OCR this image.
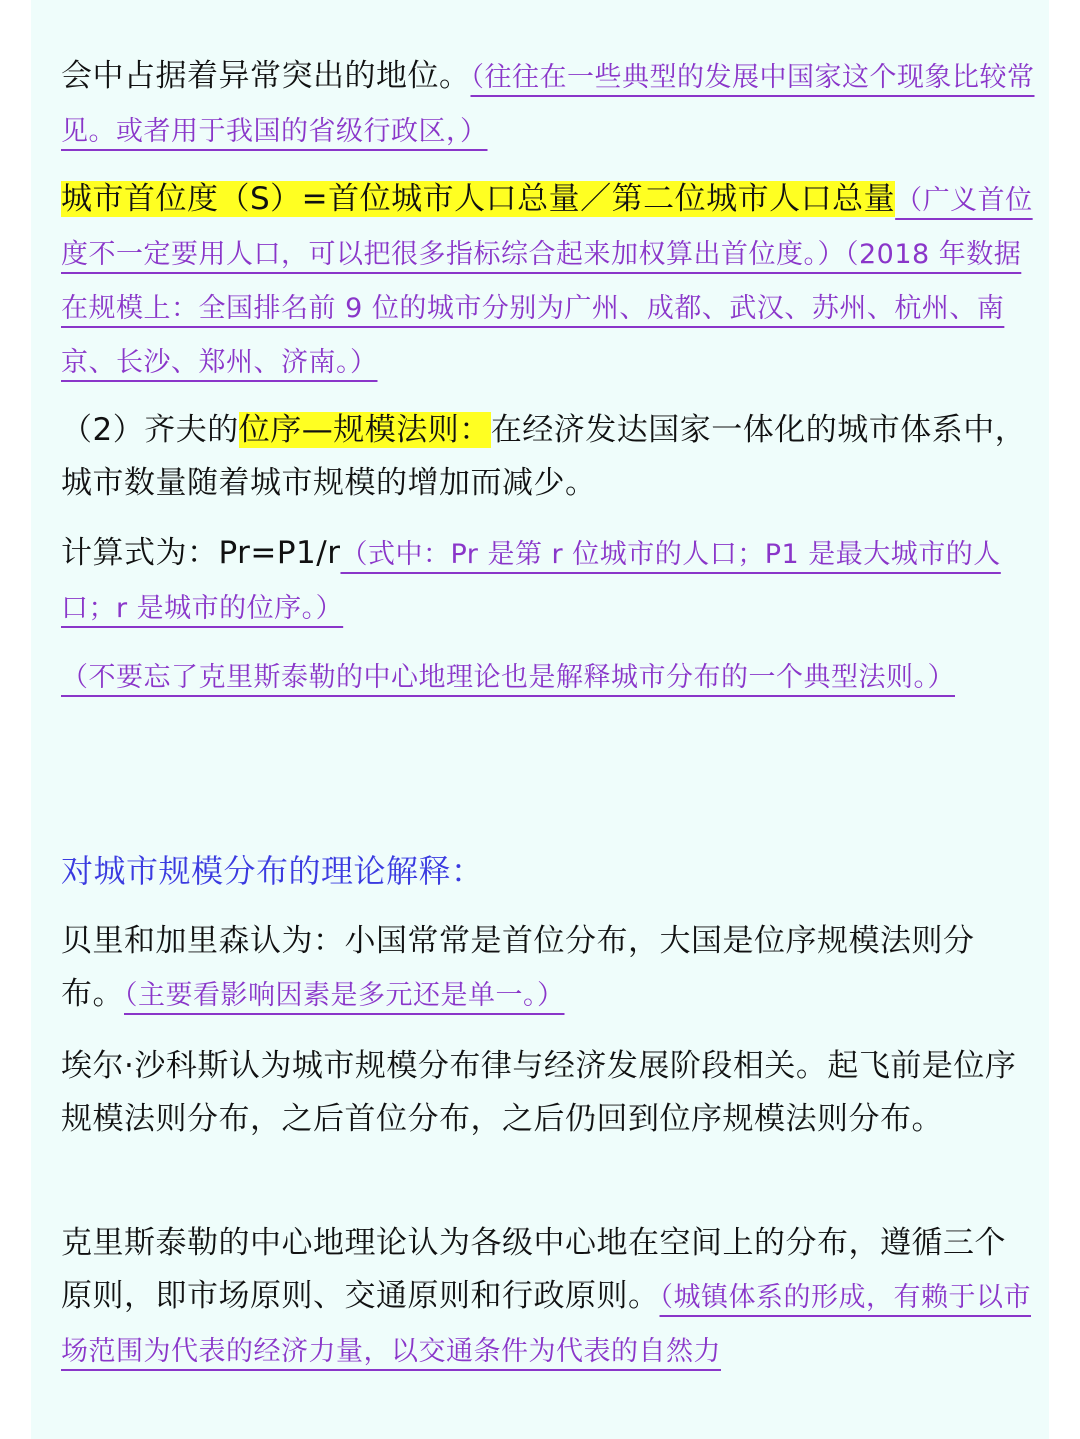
会中占据着异常突出的地位。（往往在一些典型的发展中国家这个现象比较常见。或者用于我国的省级行政区，）

城市首位度（S）=首位城市人口总量／第二位城市人口总量（广义首位度不一定要用人口，可以把很多指标综合起来加权算出首位度。）（2018 年数据在规模上：全国排名前 9 位的城市分别为广州、成都、武汉、苏州、杭州、南京、长沙、郑州、济南。）

（2）齐夫的位序—规模法则：在经济发达国家一体化的城市体系中，城市数量随着城市规模的增加而减少。

计算式为：Pr=P1/r（式中：Pr 是第 r 位城市的人口；P1 是最大城市的人口；r 是城市的位序。）

（不要忘了克里斯泰勒的中心地理论也是解释城市分布的一个典型法则。）

对城市规模分布的理论解释：

贝里和加里森认为：小国常常是首位分布，大国是位序规模法则分布。（主要看影响因素是多元还是单一。）

埃尔·沙科斯认为城市规模分布律与经济发展阶段相关。起飞前是位序规模法则分布，之后首位分布，之后仍回到位序规模法则分布。

克里斯泰勒的中心地理论认为各级中心地在空间上的分布，遵循三个原则，即市场原则、交通原则和行政原则。（城镇体系的形成，有赖于以市场范围为代表的经济力量，以交通条件为代表的自然力
